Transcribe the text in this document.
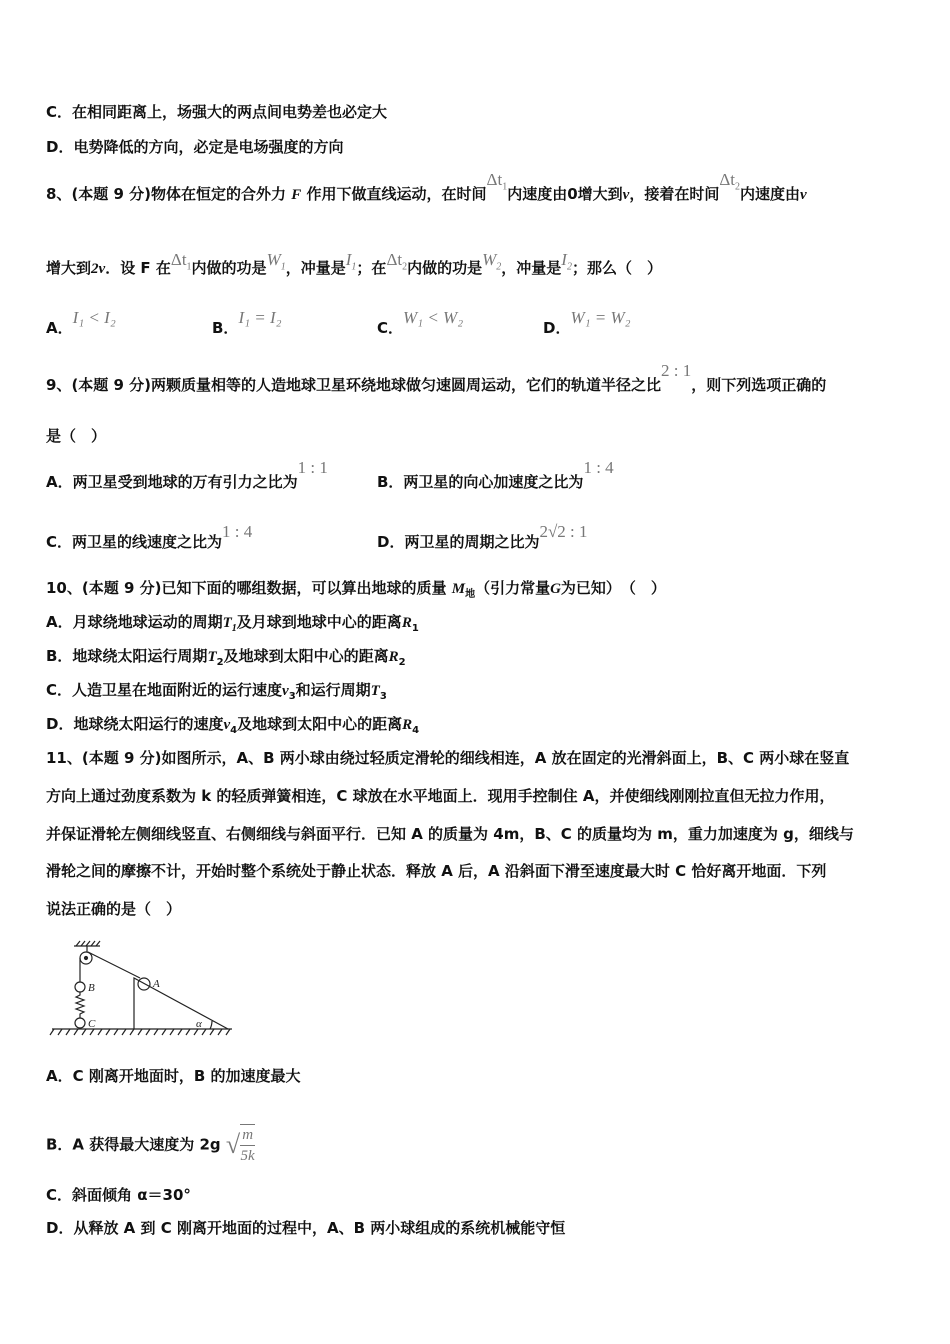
C．在相同距离上，场强大的两点间电势差也必定大
D．电势降低的方向，必定是电场强度的方向
8、(本题 9 分)物体在恒定的合外力 F 作用下做直线运动，在时间$\Delta t_1$内速度由0增大到v，接着在时间$\Delta t_2$内速度由v
增大到2v．设 F 在$\Delta t_1$内做的功是$W_1$，冲量是$I_1$；在$\Delta t_2$内做的功是$W_2$，冲量是$I_2$；那么（　）
A．I₁ < I₂
B．I₁ = I₂
C．W₁ < W₂
D．W₁ = W₂
9、(本题 9 分)两颗质量相等的人造地球卫星环绕地球做匀速圆周运动，它们的轨道半径之比2 : 1，则下列选项正确的
是（　）
A．两卫星受到地球的万有引力之比为1 : 1
B．两卫星的向心加速度之比为1 : 4
C．两卫星的线速度之比为1 : 4
D．两卫星的周期之比为2√2 : 1
10、(本题 9 分)已知下面的哪组数据，可以算出地球的质量 $M_地$（引力常量G为已知）　（　）
A．月球绕地球运动的周期$T_1$及月球到地球中心的距离$R_1$
B．地球绕太阳运行周期$T_2$及地球到太阳中心的距离$R_2$
C．人造卫星在地面附近的运行速度$v_3$和运行周期$T_3$
D．地球绕太阳运行的速度$v_4$及地球到太阳中心的距离$R_4$
11、(本题 9 分)如图所示，A、B 两小球由绕过轻质定滑轮的细线相连，A 放在固定的光滑斜面上，B、C 两小球在竖直
方向上通过劲度系数为 k 的轻质弹簧相连，C 球放在水平地面上．现用手控制住 A，并使细线刚刚拉直但无拉力作用，
并保证滑轮左侧细线竖直、右侧细线与斜面平行．已知 A 的质量为 4m，B、C 的质量均为 m，重力加速度为 g，细线与
滑轮之间的摩擦不计，开始时整个系统处于静止状态．释放 A 后，A 沿斜面下滑至速度最大时 C 恰好离开地面．下列
说法正确的是（　）
A
B
C	α
A．C 刚离开地面时，B 的加速度最大
B．A 获得最大速度为 2g √ $\frac{m}{5k}$
C．斜面倾角 α＝30°
D．从释放 A 到 C 刚离开地面的过程中，A、B 两小球组成的系统机械能守恒
